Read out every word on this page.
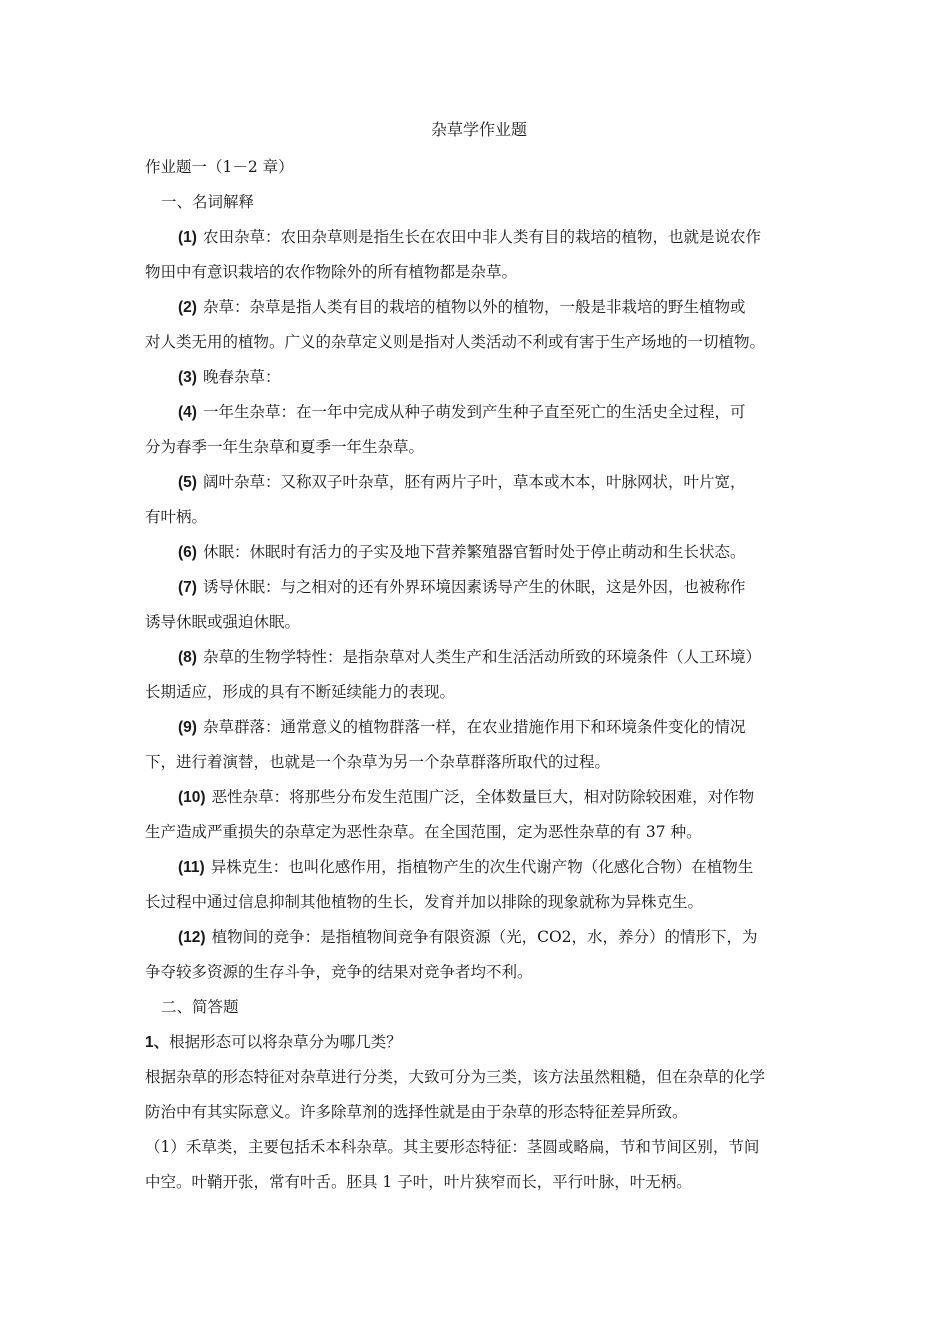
杂草学作业题

作业题一（1－2 章）

一、名词解释

(1) 农田杂草：农田杂草则是指生长在农田中非人类有目的栽培的植物，也就是说农作
物田中有意识栽培的农作物除外的所有植物都是杂草。

(2) 杂草：杂草是指人类有目的栽培的植物以外的植物，一般是非栽培的野生植物或
对人类无用的植物。广义的杂草定义则是指对人类活动不利或有害于生产场地的一切植物。

(3) 晚春杂草：

(4) 一年生杂草：在一年中完成从种子萌发到产生种子直至死亡的生活史全过程，可
分为春季一年生杂草和夏季一年生杂草。

(5) 阔叶杂草：又称双子叶杂草，胚有两片子叶，草本或木本，叶脉网状，叶片宽，
有叶柄。

(6) 休眠：休眠时有活力的子实及地下营养繁殖器官暂时处于停止萌动和生长状态。

(7) 诱导休眠：与之相对的还有外界环境因素诱导产生的休眠，这是外因，也被称作
诱导休眠或强迫休眠。

(8) 杂草的生物学特性：是指杂草对人类生产和生活活动所致的环境条件（人工环境）
长期适应，形成的具有不断延续能力的表现。

(9) 杂草群落：通常意义的植物群落一样，在农业措施作用下和环境条件变化的情况
下，进行着演替，也就是一个杂草为另一个杂草群落所取代的过程。

(10) 恶性杂草：将那些分布发生范围广泛，全体数量巨大，相对防除较困难，对作物
生产造成严重损失的杂草定为恶性杂草。在全国范围，定为恶性杂草的有 37 种。

(11) 异株克生：也叫化感作用，指植物产生的次生代谢产物（化感化合物）在植物生
长过程中通过信息抑制其他植物的生长，发育并加以排除的现象就称为异株克生。

(12) 植物间的竞争：是指植物间竞争有限资源（光，CO2，水，养分）的情形下，为
争夺较多资源的生存斗争，竞争的结果对竞争者均不利。

二、简答题

1、根据形态可以将杂草分为哪几类？

根据杂草的形态特征对杂草进行分类，大致可分为三类，该方法虽然粗糙，但在杂草的化学
防治中有其实际意义。许多除草剂的选择性就是由于杂草的形态特征差异所致。

（1）禾草类，主要包括禾本科杂草。其主要形态特征：茎圆或略扁，节和节间区别，节间
中空。叶鞘开张，常有叶舌。胚具 1 子叶，叶片狭窄而长，平行叶脉，叶无柄。
